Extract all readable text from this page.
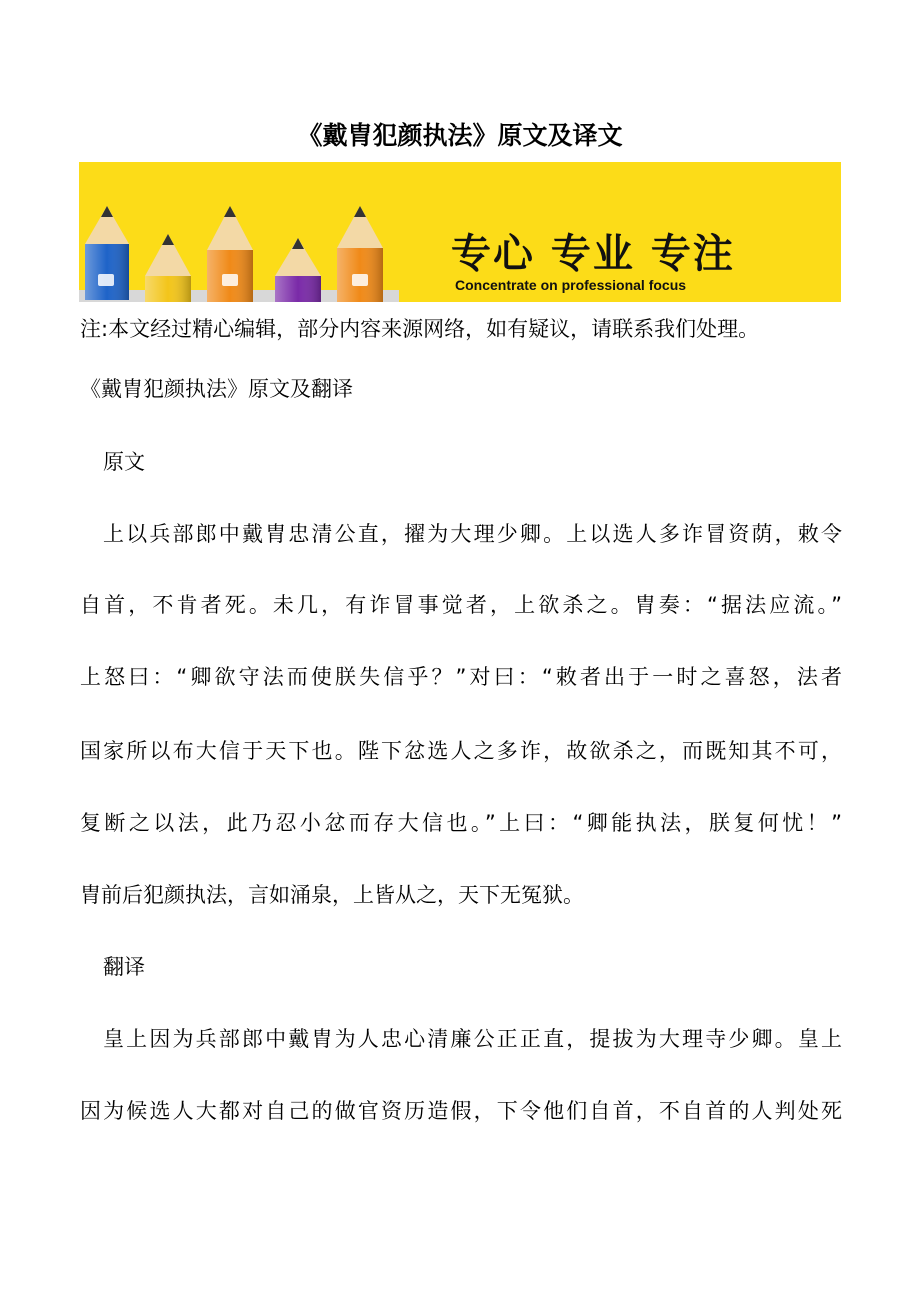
《戴胄犯颜执法》原文及译文
专心 专业 专注
Concentrate on professional focus

注:本文经过精心编辑，部分内容来源网络，如有疑议，请联系我们处理。

《戴胄犯颜执法》原文及翻译

原文

上以兵部郎中戴胄忠清公直，擢为大理少卿。上以选人多诈冒资荫，敕令

自首，不肯者死。未几，有诈冒事觉者，上欲杀之。胄奏：“据法应流。”

上怒曰：“卿欲守法而使朕失信乎？”对曰：“敕者出于一时之喜怒，法者

国家所以布大信于天下也。陛下忿选人之多诈，故欲杀之，而既知其不可，

复断之以法，此乃忍小忿而存大信也。”上曰：“卿能执法，朕复何忧！”

胄前后犯颜执法，言如涌泉，上皆从之，天下无冤狱。

翻译

皇上因为兵部郎中戴胄为人忠心清廉公正正直，提拔为大理寺少卿。皇上

因为候选人大都对自己的做官资历造假，下令他们自首，不自首的人判处死
